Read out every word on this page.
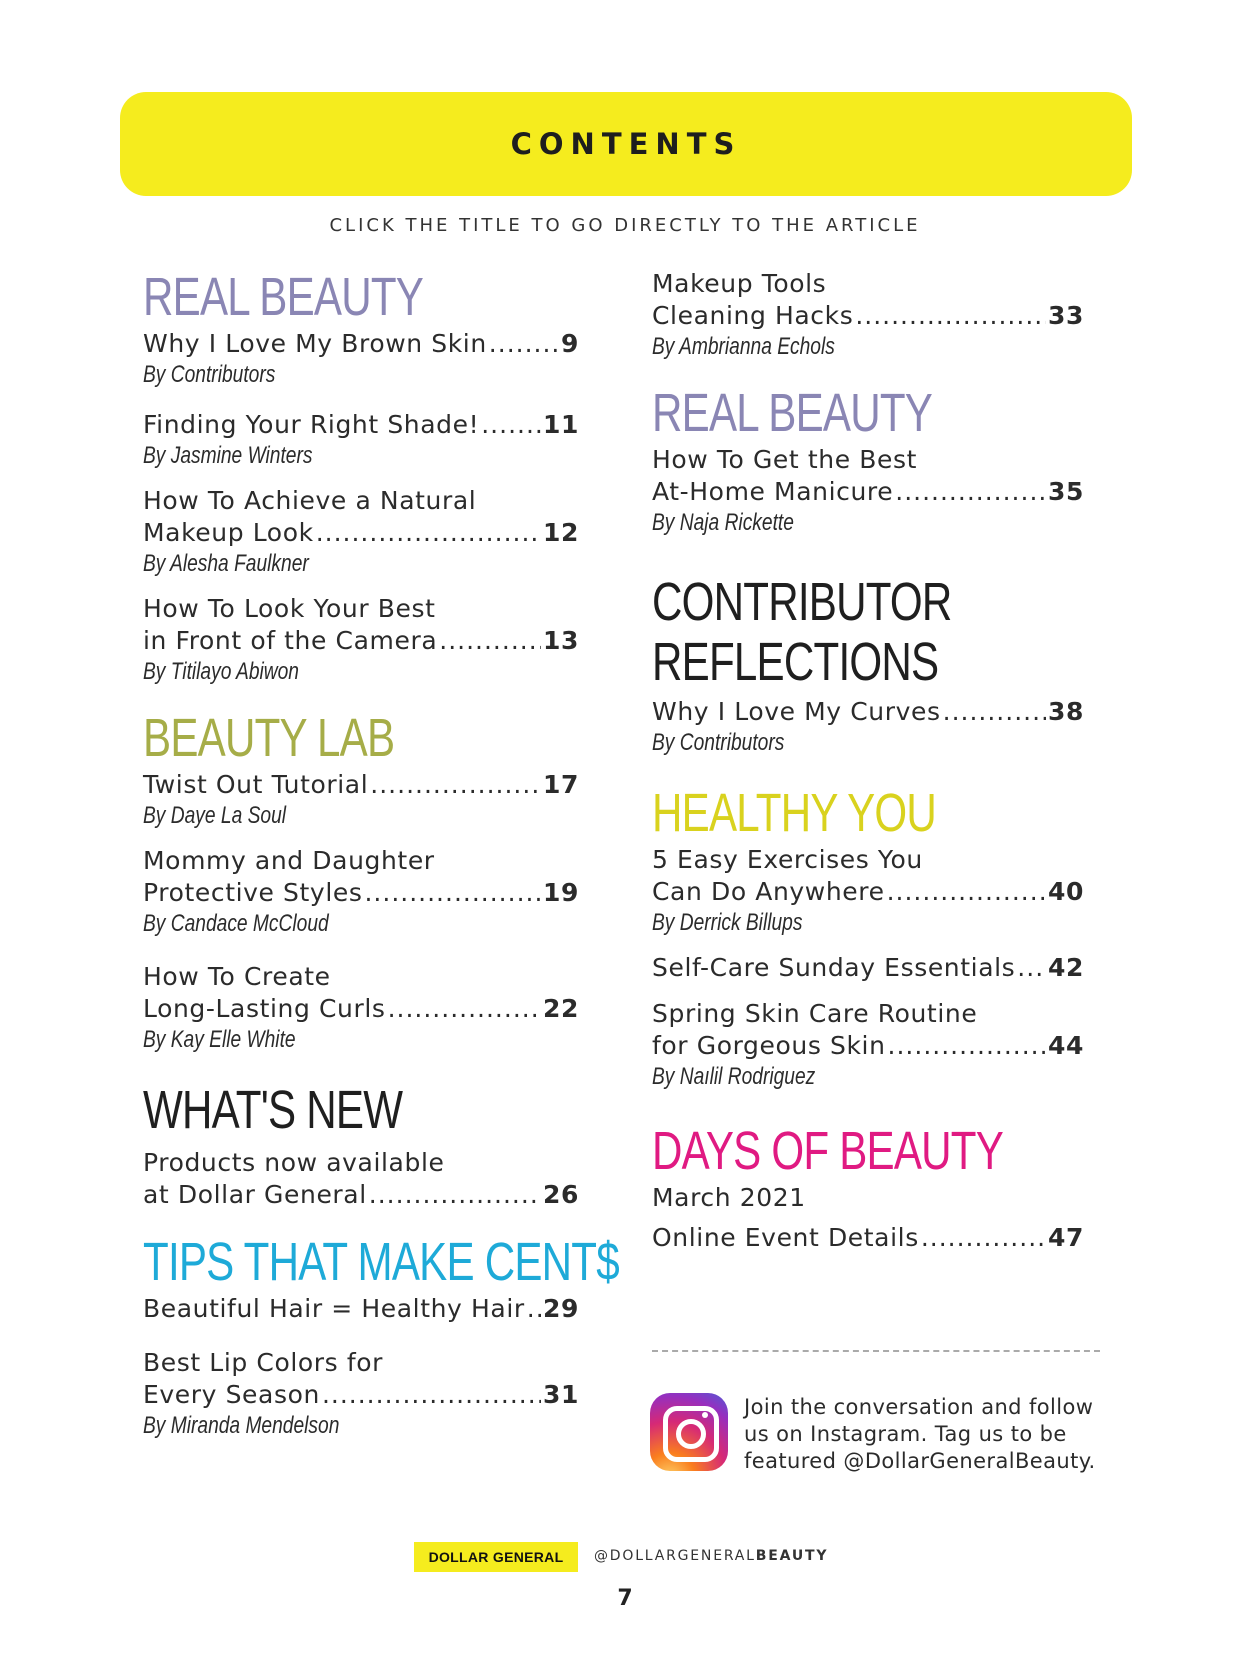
CONTENTS
CLICK THE TITLE TO GO DIRECTLY TO THE ARTICLE
REAL BEAUTY
Why I Love My Brown Skin .....	9
By Contributors
Finding Your Right Shade! .....	11
By Jasmine Winters
How To Achieve a Natural
Makeup Look .....	12
By Alesha Faulkner
How To Look Your Best
in Front of the Camera .....	13
By Titilayo Abiwon
BEAUTY LAB
Twist Out Tutorial .....	17
By Daye La Soul
Mommy and Daughter
Protective Styles .....	19
By Candace McCloud
How To Create
Long-Lasting Curls .....	22
By Kay Elle White
WHAT'S NEW
Products now available
at Dollar General .....	26
TIPS THAT MAKE CENT$
Beautiful Hair = Healthy Hair ..... 29
Best Lip Colors for
Every Season .....	31
By Miranda Mendelson
Makeup Tools
Cleaning Hacks .....	33
By Ambrianna Echols
REAL BEAUTY
How To Get the Best
At-Home Manicure .....	35
By Naja Rickette
CONTRIBUTOR
REFLECTIONS
Why I Love My Curves .....	38
By Contributors
HEALTHY YOU
5 Easy Exercises You
Can Do Anywhere .....	40
By Derrick Billups
Self-Care Sunday Essentials ..... 42
Spring Skin Care Routine
for Gorgeous Skin .....	44
By Naılil Rodriguez
DAYS OF BEAUTY
March 2021
Online Event Details .....	47
Join the conversation and follow
us on Instagram. Tag us to be
featured @DollarGeneralBeauty.
DOLLAR GENERAL @DOLLARGENERALBEAUTY
7
